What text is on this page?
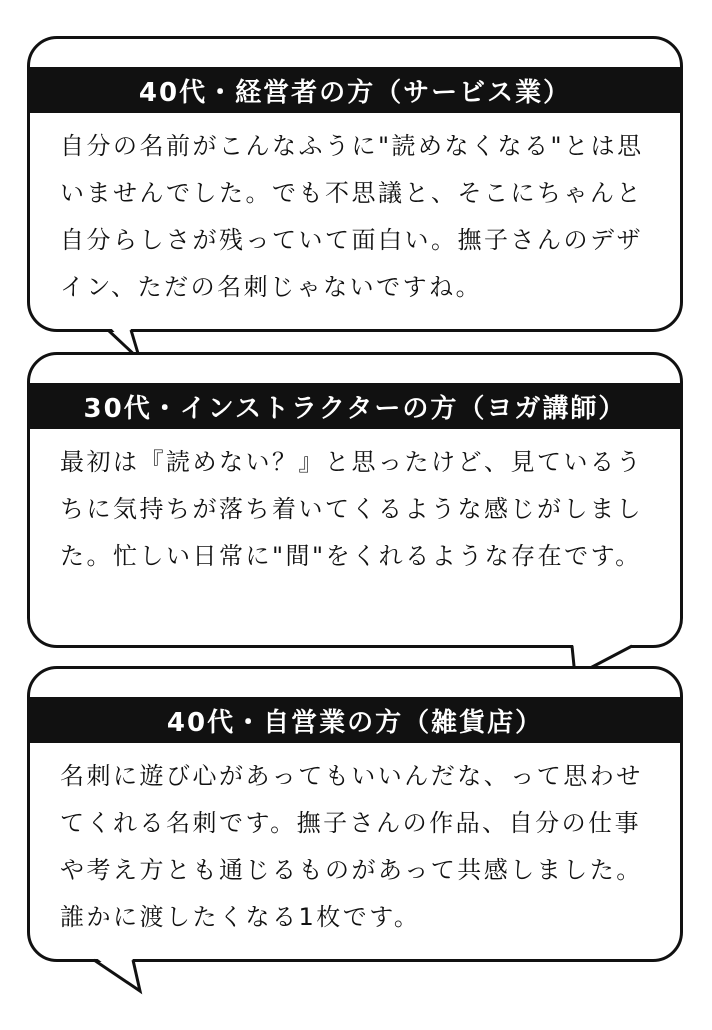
40代・経営者の方（サービス業）
自分の名前がこんなふうに"読めなくなる"とは思いませんでした。でも不思議と、そこにちゃんと自分らしさが残っていて面白い。撫子さんのデザイン、ただの名刺じゃないですね。
30代・インストラクターの方（ヨガ講師）
最初は『読めない？』と思ったけど、見ているうちに気持ちが落ち着いてくるような感じがしました。忙しい日常に"間"をくれるような存在です。
40代・自営業の方（雑貨店）
名刺に遊び心があってもいいんだな、って思わせてくれる名刺です。撫子さんの作品、自分の仕事や考え方とも通じるものがあって共感しました。誰かに渡したくなる1枚です。
